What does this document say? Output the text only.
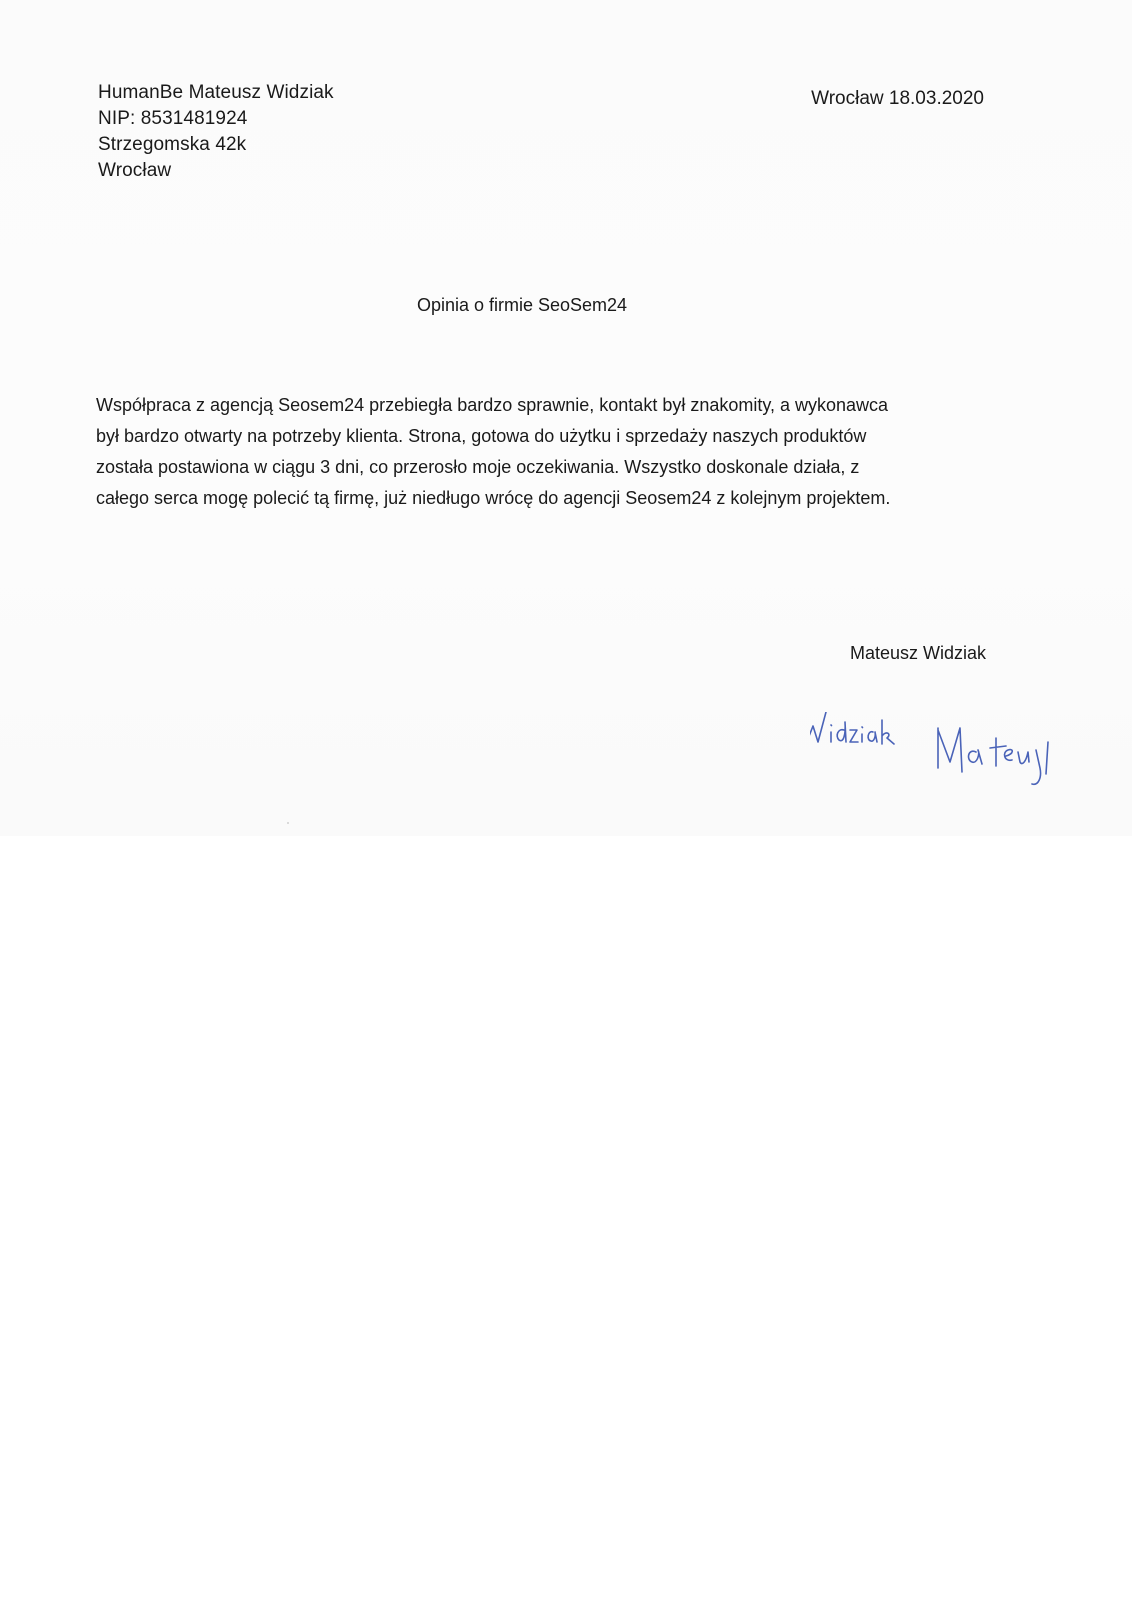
HumanBe Mateusz Widziak
NIP: 8531481924
Strzegomska 42k
Wrocław
Wrocław 18.03.2020
Opinia o firmie SeoSem24
Współpraca z agencją Seosem24 przebiegła bardzo sprawnie, kontakt był znakomity, a wykonawca
był bardzo otwarty na potrzeby klienta. Strona, gotowa do użytku i sprzedaży naszych produktów
została postawiona w ciągu 3 dni, co przerosło moje oczekiwania. Wszystko doskonale działa, z
całego serca mogę polecić tą firmę, już niedługo wrócę do agencji Seosem24 z kolejnym projektem.
Mateusz Widziak
